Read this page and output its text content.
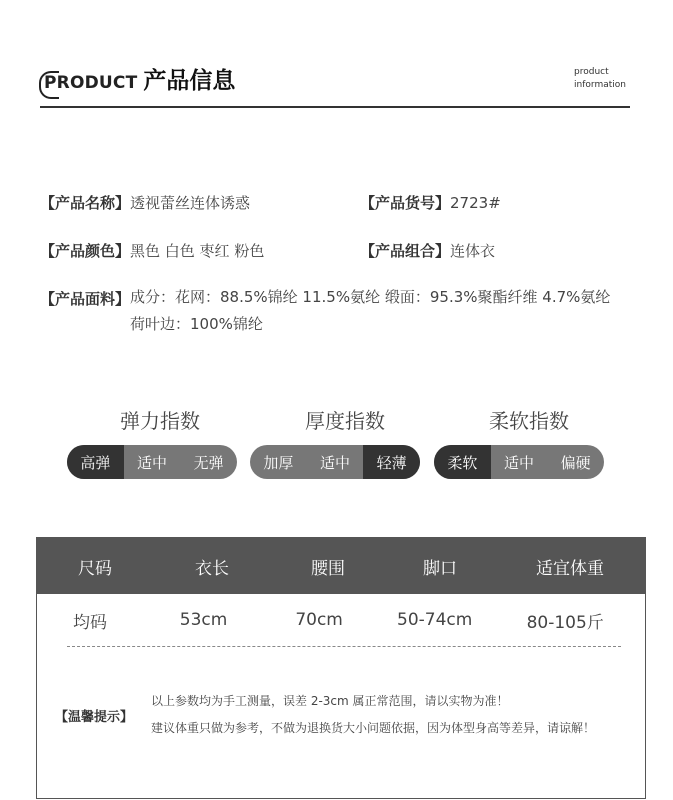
PRODUCT 产品信息	product
information
【产品名称】透视蕾丝连体诱惑	【产品货号】2723#
【产品颜色】黑色 白色 枣红 粉色	【产品组合】连体衣
【产品面料】 成分：花网：88.5%锦纶 11.5%氨纶 缎面：95.3%聚酯纤维 4.7%氨纶
荷叶边：100%锦纶
弹力指数	厚度指数	柔软指数
高弹	适中	无弹	加厚	适中	轻薄	柔软	适中	偏硬
尺码	衣长	腰围	脚口	适宜体重
均码	53cm	70cm	50-74cm	80-105斤
【温馨提示】
以上参数均为手工测量，误差 2-3cm 属正常范围，请以实物为准！
建议体重只做为参考，不做为退换货大小问题依据，因为体型身高等差异，请谅解！
